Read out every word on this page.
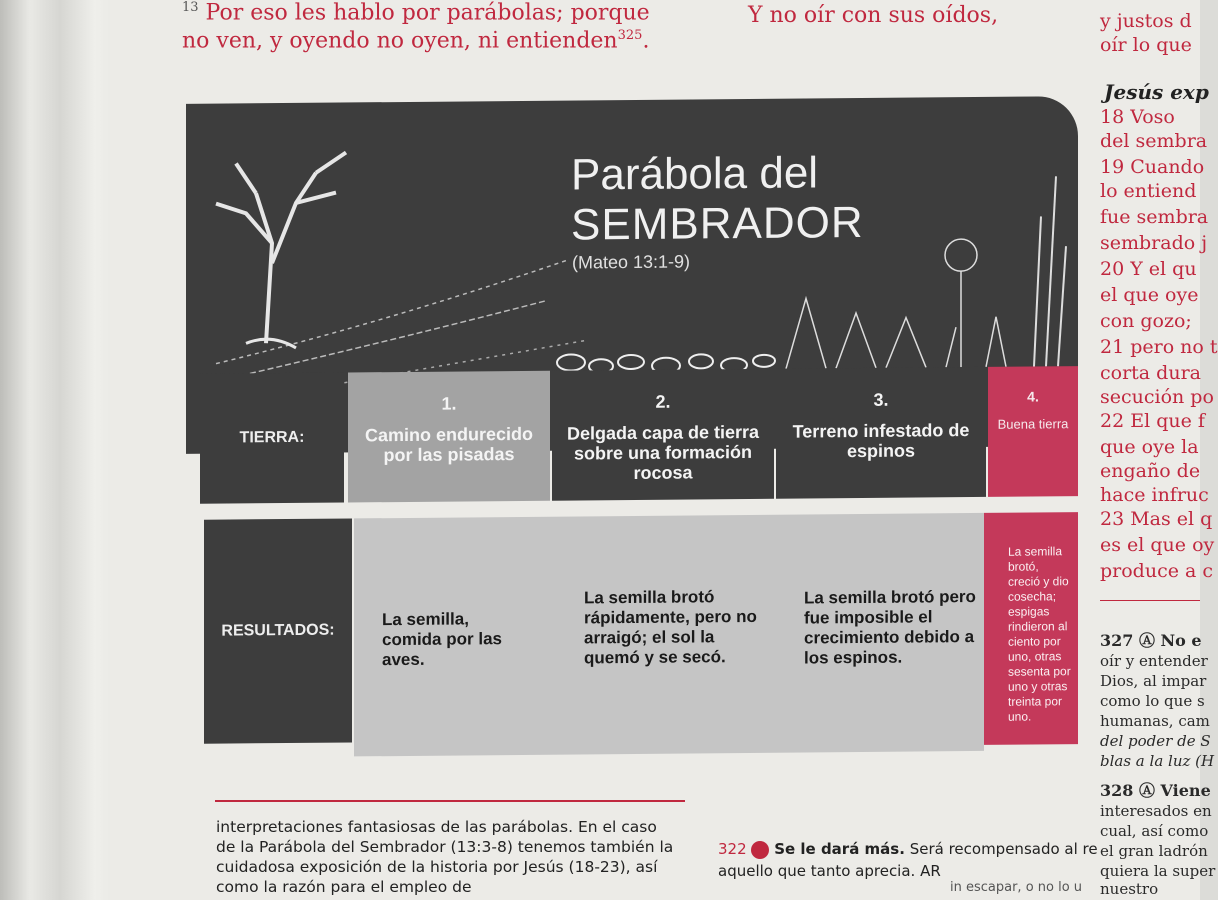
$^{13}$ Por eso les hablo por parábolas; porque
no ven, y oyendo no oyen, ni entienden$^{325}$.
Y no oír con sus oídos,
Parábola del
SEMBRADOR
(Mateo 13:1-9)
TIERRA:
RESULTADOS:
1.
Camino endurecido por las pisadas
2.
Delgada capa de tierra sobre una formación rocosa
3.
Terreno infestado de espinos
4.
Buena tierra
La semilla, comida por las aves.
La semilla brotó rápidamente, pero no arraigó; el sol la quemó y se secó.
La semilla brotó pero fue imposible el crecimiento debido a los espinos.
La semilla brotó, creció y dio cosecha; espigas rindieron al ciento por uno, otras sesenta por uno y otras treinta por uno.
interpretaciones fantasiosas de las parábolas. En el caso
de la Parábola del Sembrador (13:3-8) tenemos también la
cuidadosa exposición de la historia por Jesús (18-23), así
como la razón para el empleo de
322 Se le dará más. Será recompensado al re
aquello que tanto aprecia. AR
in escapar, o no lo u
y justos d
oír lo que
Jesús exp
18 Voso
del sembra
19 Cuando
lo entiend
fue sembra
sembrado j
20 Y el qu
el que oye
con gozo;
21 pero no t
corta dura
secución po
22 El que f
que oye la
engaño de
hace infruc
23 Mas el q
es el que oy
produce a c
327 Ⓐ No e
oír y entender
Dios, al impar
como lo que s
humanas, cam
del poder de S
blas a la luz (H
328 Ⓐ Viene
interesados en
cual, así como
el gran ladrón
quiera la super
nuestro
